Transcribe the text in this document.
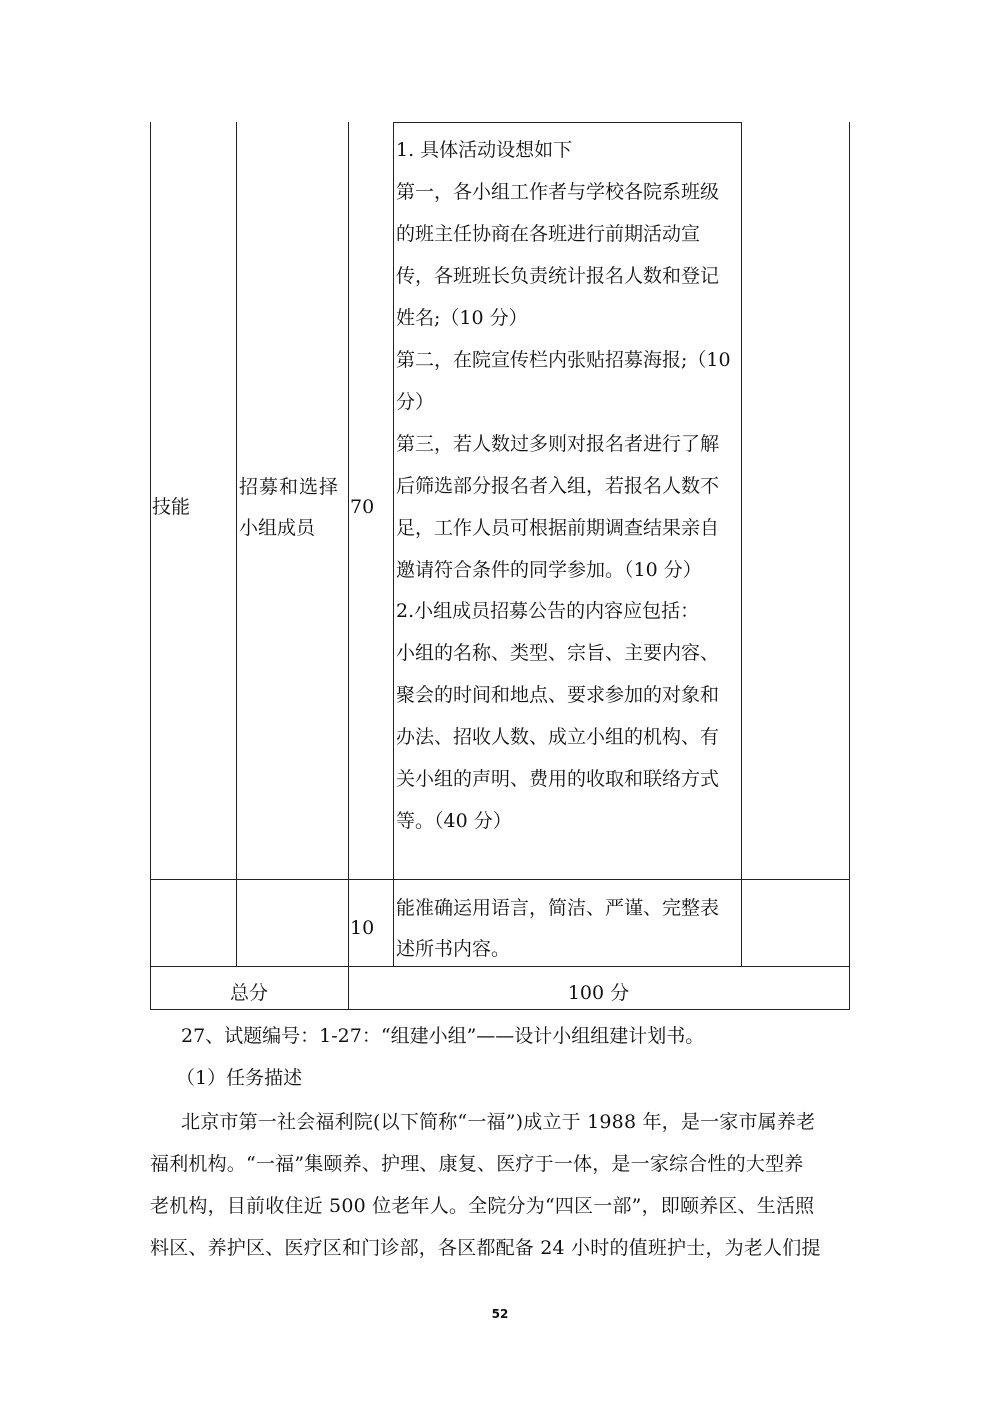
技能
招募和选择
小组成员
70
1. 具体活动设想如下
第一，各小组工作者与学校各院系班级
的班主任协商在各班进行前期活动宣
传，各班班长负责统计报名人数和登记
姓名;（10 分）
第二，在院宣传栏内张贴招募海报;（10
分）
第三，若人数过多则对报名者进行了解
后筛选部分报名者入组，若报名人数不
足，工作人员可根据前期调查结果亲自
邀请符合条件的同学参加。（10 分）
2.小组成员招募公告的内容应包括：
小组的名称、类型、宗旨、主要内容、
聚会的时间和地点、要求参加的对象和
办法、招收人数、成立小组的机构、有
关小组的声明、费用的收取和联络方式
等。（40 分）
10
能准确运用语言，简洁、严谨、完整表
述所书内容。
总分	100 分
27、试题编号：1-27：“组建小组”——设计小组组建计划书。
（1）任务描述
北京市第一社会福利院(以下简称“一福”)成立于 1988 年，是一家市属养老
福利机构。“一福”集颐养、护理、康复、医疗于一体，是一家综合性的大型养
老机构，目前收住近 500 位老年人。全院分为“四区一部”，即颐养区、生活照
料区、养护区、医疗区和门诊部，各区都配备 24 小时的值班护士，为老人们提
52
